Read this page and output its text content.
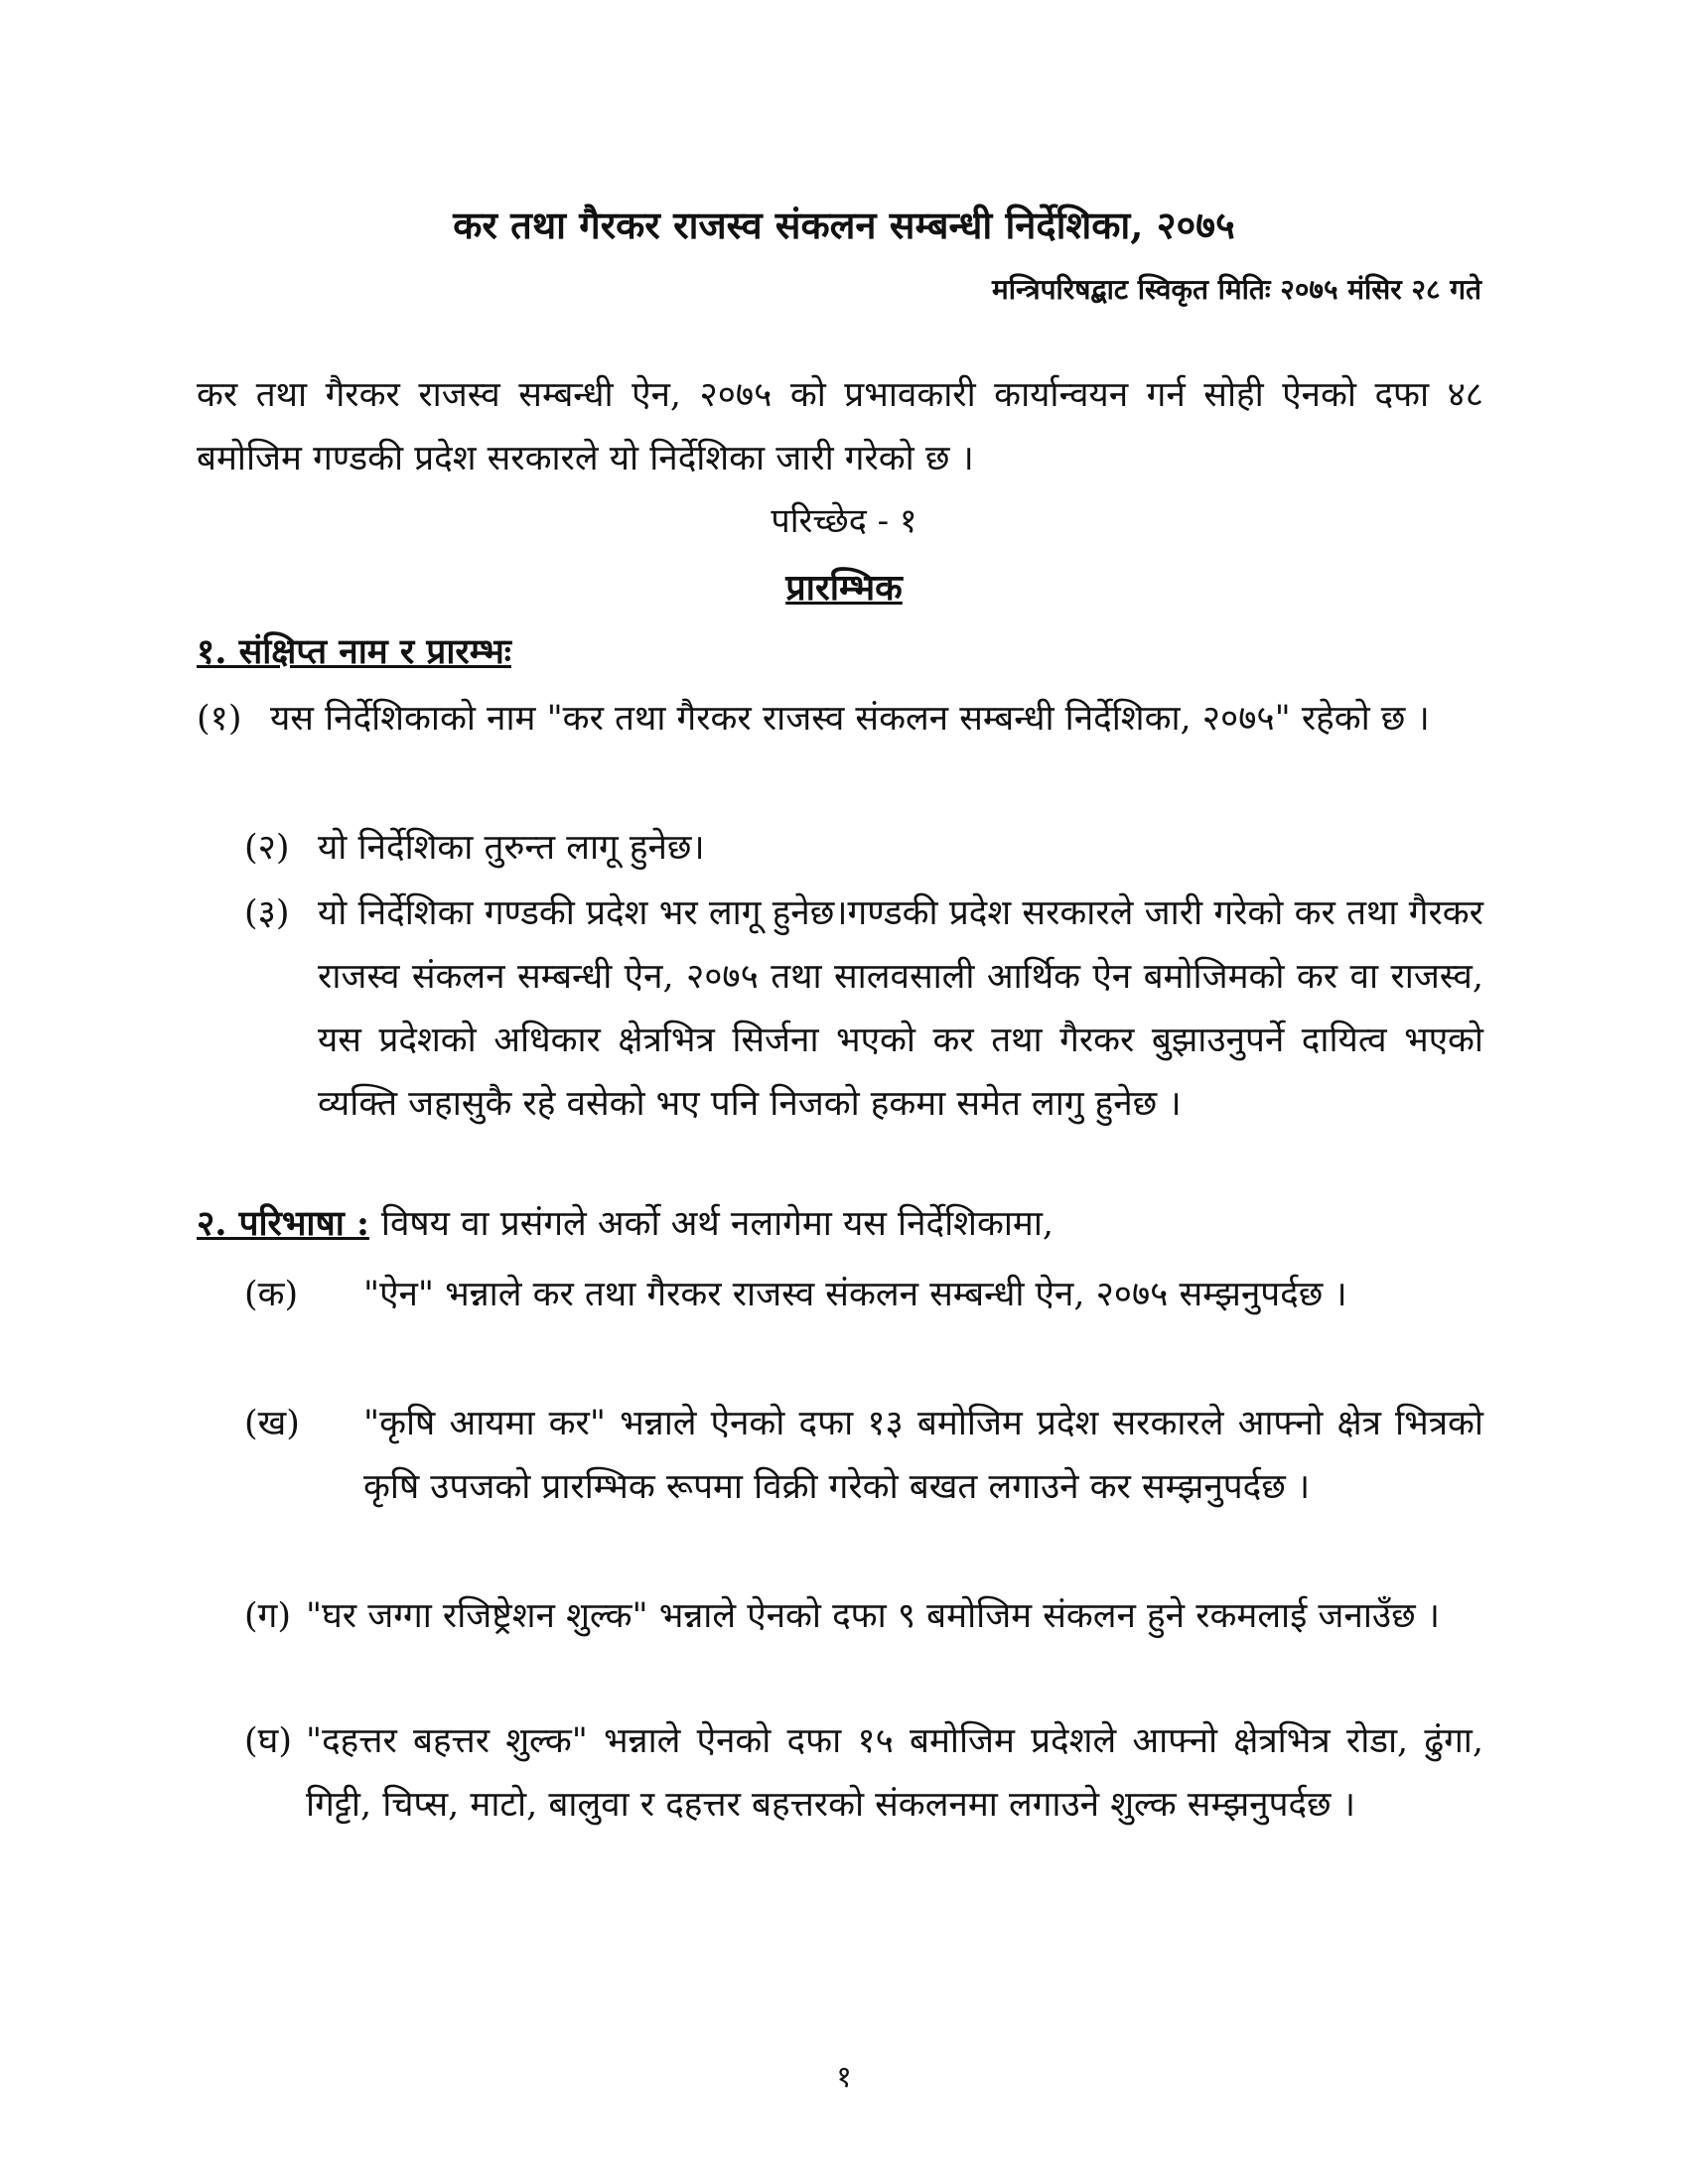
कर तथा गैरकर राजस्व संकलन सम्बन्धी निर्देशिका, २०७५
मन्त्रिपरिषद्बाट स्विकृत मितिः २०७५ मंसिर २८ गते
कर तथा गैरकर राजस्व सम्बन्धी ऐन, २०७५ को प्रभावकारी कार्यान्वयन गर्न सोही ऐनको दफा ४८ बमोजिम गण्डकी प्रदेश सरकारले यो निर्देशिका जारी गरेको छ ।
परिच्छेद - १
प्रारम्भिक
१. संक्षिप्त नाम र प्रारम्भः
(१) यस निर्देशिकाको नाम "कर तथा गैरकर राजस्व संकलन सम्बन्धी निर्देशिका, २०७५" रहेको छ ।
(२) यो निर्देशिका तुरुन्त लागू हुनेछ।
(३) यो निर्देशिका गण्डकी प्रदेश भर लागू हुनेछ।गण्डकी प्रदेश सरकारले जारी गरेको कर तथा गैरकर राजस्व संकलन सम्बन्धी ऐन, २०७५ तथा सालवसाली आर्थिक ऐन बमोजिमको कर वा राजस्व, यस प्रदेशको अधिकार क्षेत्रभित्र सिर्जना भएको कर तथा गैरकर बुझाउनुपर्ने दायित्व भएको व्यक्ति जहासुकै रहे वसेको भए पनि निजको हकमा समेत लागु हुनेछ ।
२. परिभाषा : विषय वा प्रसंगले अर्को अर्थ नलागेमा यस निर्देशिकामा,
(क)	"ऐन" भन्नाले कर तथा गैरकर राजस्व संकलन सम्बन्धी ऐन, २०७५ सम्झनुपर्दछ ।
(ख)	"कृषि आयमा कर" भन्नाले ऐनको दफा १३ बमोजिम प्रदेश सरकारले आफ्नो क्षेत्र भित्रको कृषि उपजको प्रारम्भिक रूपमा विक्री गरेको बखत लगाउने कर सम्झनुपर्दछ ।
(ग) "घर जग्गा रजिष्ट्रेशन शुल्क" भन्नाले ऐनको दफा ९ बमोजिम संकलन हुने रकमलाई जनाउँछ ।
(घ) "दहत्तर बहत्तर शुल्क" भन्नाले ऐनको दफा १५ बमोजिम प्रदेशले आफ्नो क्षेत्रभित्र रोडा, ढुंगा, गिट्टी, चिप्स, माटो, बालुवा र दहत्तर बहत्तरको संकलनमा लगाउने शुल्क सम्झनुपर्दछ ।
१
